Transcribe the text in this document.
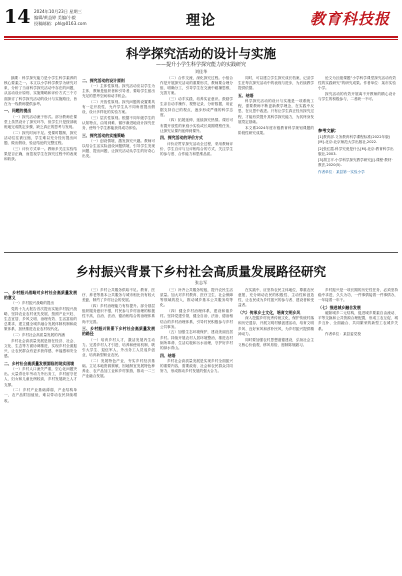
14 2024年10月23日 星期三
编辑/黄益婷 美编/小毅
投稿邮箱：phl@0163.com	理论	教育科技报
科学探究活动的设计与实施
——提升小学生科学探究能力的实践研究
刘佳华

摘要：科学探究能力是小学生科学素养的核心要素之一。本文以小学科学教学为研究对象，分析了当前科学探究活动中存在的问题，从活动设计原则、实施策略和评价方式三个方面探讨了科学探究活动的设计与实施路径，旨在为一线教师提供参考。

一、问题的提出

（一）探究活动流于形式。部分教师在课堂上虽然设计了探究环节，但学生只是按部就班地完成既定步骤，缺乏真正的思考与发现。

（二）探究时间不足。受课时限制，探究活动往往被压缩，学生难以充分经历提出问题、做出假设、验证结论的完整过程。

（三）评价方式单一。教师多关注实验结果是否正确，而忽视学生在探究过程中的表现和收获。

二、探究活动的设计原则

（一）主体性原则。探究活动应以学生为主体，教师是组织者和引导者，要给学生留出充足的思考空间和动手机会。

（二）开放性原则。探究问题的设置要具有一定开放性，允许学生从不同角度提出假设，设计多样化的实验方案。

（三）层次性原则。根据不同年级学生的认知特点，由易到难、循序渐进地设计探究任务，使每个学生都能获得成功体验。

三、探究活动的实施策略

（一）创设情境，激发探究兴趣。教师可以结合生活实际创设问题情境，引导学生发现问题、提出问题，让探究活动从学生的好奇心出发。

（二）合作交流，深化探究过程。小组合作是开展探究活动的重要形式，教师要合理分组、明确分工，引导学生在交流中碰撞思维，完善方案。

（三）动手实践，培养实证意识。鼓励学生亲自动手操作、观察记录、分析数据，用证据支持自己的观点，逐步形成严谨的科学态度。

（四）拓展延伸，延续探究热情。课后可布置开放性的家庭小实验或长周期观察任务，让探究从课内延伸到课外。

四、探究活动的评价方式

评价应贯穿探究活动全过程，采用教师评价、学生自评与互评相结合的方式，关注学生的参与度、合作能力和思维品质。

同时，可以建立学生探究成长档案，记录学生在每次探究活动中的表现与进步，为后续教学提供依据。

五、结语

科学探究活动的设计与实施是一项系统工程，需要教师不断更新教学理念，在实践中反思、在反思中改进。只有让学生真正经历探究过程，才能有效提升其科学探究能力，为其终身发展奠定基础。

本文系2024年度市级教育科学规划课题的阶段性研究成果。

论文为区级课题“小学科学课堂探究活动有效性的实践研究”的研究成果。作者单位：某市实验小学。

探究活动的有效开展离不开教师的精心设计与学生的积极参与，二者缺一不可。

参考文献：

[1]教育部.义务教育科学课程标准(2022年版)[M].北京:北京师范大学出版社,2022.

[2]张红霞.科学究竟是什么[M].北京:教育科学出版社,2003.

[3]胡卫平.小学科学探究教学研究[J].课程·教材·教法,2020(5).

作者单位：某县第一实验小学

乡村振兴背景下乡村社会高质量发展路径研究
张志军
一、乡村振兴战略对乡村社会高质量发展的意义

（一）乡村振兴战略的提出

党的十九大报告首次提出实施乡村振兴战略，坚持农业农村优先发展，按照产业兴旺、生态宜居、乡风文明、治理有效、生活富裕的总要求，建立健全城乡融合发展体制机制和政策体系，加快推进农业农村现代化。

（二）乡村社会高质量发展的内涵

乡村社会高质量发展是指在经济、社会、文化、生态等方面协调推进，实现乡村全面振兴，让农民群众有更多获得感、幸福感和安全感。

二、乡村社会高质量发展面临的现实困境

（一）乡村人口流失严重，空心化问题突出。大量青壮年劳动力外出务工，乡村留守老人、妇女和儿童比例较高，乡村发展缺乏人才支撑。

（二）乡村产业基础薄弱，产业结构单一，农产品附加值低，难以带动农民持续增收。

（三）乡村公共服务供给不足。教育、医疗、养老等基本公共服务与城市相比仍有较大差距，制约了乡村社会的发展。

（四）乡村治理能力有待提升。部分基层组织服务意识不强，村民参与乡村治理的积极性不高，自治、法治、德治相结合的治理体系尚不完善。

三、乡村振兴背景下乡村社会高质量发展的路径

（一）培育乡村人才，激活发展内生动力。完善乡村人才引进、培养和使用机制，吸引大学生、退伍军人、外出务工人员返乡创业，培育新型职业农民。

（二）发展特色产业，夯实乡村经济基础。立足本地资源禀赋，因地制宜发展特色种养业、农产品加工业和乡村旅游，推动一二三产业融合发展。

（三）补齐公共服务短板，提升农民生活质量。加大对乡村教育、医疗卫生、社会保障等领域的投入，推动城乡基本公共服务均等化。

（四）健全乡村治理体系，建设和谐乡村。坚持党建引领，健全自治、法治、德治相结合的乡村治理体系，引导村民积极参与乡村公共事务。

（五）加强生态环境保护，建设美丽宜居乡村。持续开展农村人居环境整治，推进农村厕所革命、生活垃圾和污水治理，守护好乡村的绿水青山。

四、结语

乡村社会高质量发展是实现乡村全面振兴的重要内容，需要政府、社会和农民群众共同努力，形成推动乡村发展的强大合力。

在实践中，应坚持农民主体地位，尊重农民意愿，充分调动农民的积极性、主动性和创造性，让农民成为乡村振兴的参与者、建设者和受益者。

（六）传承乡土文化，培育文明乡风

深入挖掘乡村优秀传统文化，保护传统村落和历史遗存，开展文明村镇创建活动，培育文明乡风、良好家风和淳朴民风，为乡村振兴提供精神动力。

同时要加强农村思想道德建设，弘扬社会主义核心价值观，移风易俗，遏制陈规陋习。

乡村振兴是一项长期的历史性任务，必须坚持稳中求进，久久为功，一件事情接着一件事情办，一年接着一年干。

（七）推进城乡融合发展

破除城乡二元结构，促进城乡要素自由流动、平等交换和公共资源合理配置，形成工农互促、城乡互补、全面融合、共同繁荣的新型工农城乡关系。

作者单位：某县委党校
